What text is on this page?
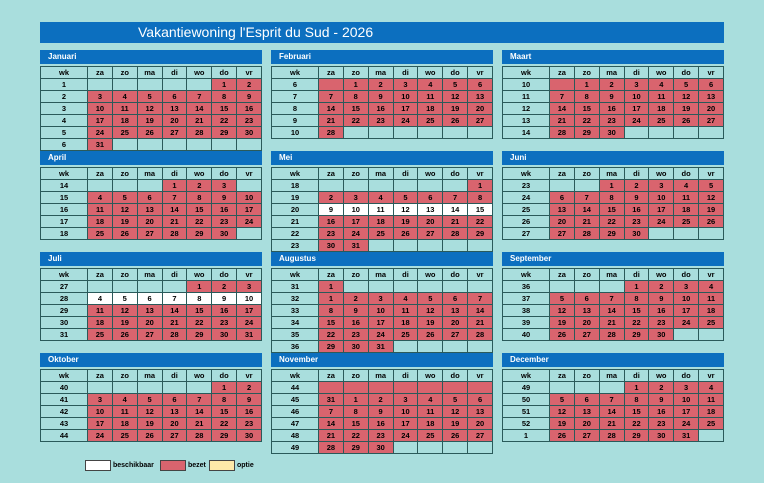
Vakantiewoning l'Esprit du Sud - 2026
Januari
wk	za	zo	ma	di	wo	do	vr
1						1	2
2	3	4	5	6	7	8	9
3	10	11	12	13	14	15	16
4	17	18	19	20	21	22	23
5	24	25	26	27	28	29	30
6	31						
Februari
wk	za	zo	ma	di	wo	do	vr
6		1	2	3	4	5	6
7	7	8	9	10	11	12	13
8	14	15	16	17	18	19	20
9	21	22	23	24	25	26	27
10	28						
Maart
wk	za	zo	ma	di	wo	do	vr
10		1	2	3	4	5	6
11	7	8	9	10	11	12	13
12	14	15	16	17	18	19	20
13	21	22	23	24	25	26	27
14	28	29	30				
April
wk	za	zo	ma	di	wo	do	vr
14				1	2	3	
15	4	5	6	7	8	9	10
16	11	12	13	14	15	16	17
17	18	19	20	21	22	23	24
18	25	26	27	28	29	30	
Mei
wk	za	zo	ma	di	wo	do	vr
18							1
19	2	3	4	5	6	7	8
20	9	10	11	12	13	14	15
21	16	17	18	19	20	21	22
22	23	24	25	26	27	28	29
23	30	31					
Juni
wk	za	zo	ma	di	wo	do	vr
23			1	2	3	4	5
24	6	7	8	9	10	11	12
25	13	14	15	16	17	18	19
26	20	21	22	23	24	25	26
27	27	28	29	30			
Juli
wk	za	zo	ma	di	wo	do	vr
27					1	2	3
28	4	5	6	7	8	9	10
29	11	12	13	14	15	16	17
30	18	19	20	21	22	23	24
31	25	26	27	28	29	30	31
Augustus
wk	za	zo	ma	di	wo	do	vr
31	1						
32	1	2	3	4	5	6	7
33	8	9	10	11	12	13	14
34	15	16	17	18	19	20	21
35	22	23	24	25	26	27	28
36	29	30	31				
September
wk	za	zo	ma	di	wo	do	vr
36				1	2	3	4
37	5	6	7	8	9	10	11
38	12	13	14	15	16	17	18
39	19	20	21	22	23	24	25
40	26	27	28	29	30		
Oktober
wk	za	zo	ma	di	wo	do	vr
40						1	2
41	3	4	5	6	7	8	9
42	10	11	12	13	14	15	16
43	17	18	19	20	21	22	23
44	24	25	26	27	28	29	30
November
wk	za	zo	ma	di	wo	do	vr
44							
45	31	1	2	3	4	5	6
46	7	8	9	10	11	12	13
47	14	15	16	17	18	19	20
48	21	22	23	24	25	26	27
49	28	29	30				
December
wk	za	zo	ma	di	wo	do	vr
49				1	2	3	4
50	5	6	7	8	9	10	11
51	12	13	14	15	16	17	18
52	19	20	21	22	23	24	25
1	26	27	28	29	30	31	
beschikbaar	bezet	optie
